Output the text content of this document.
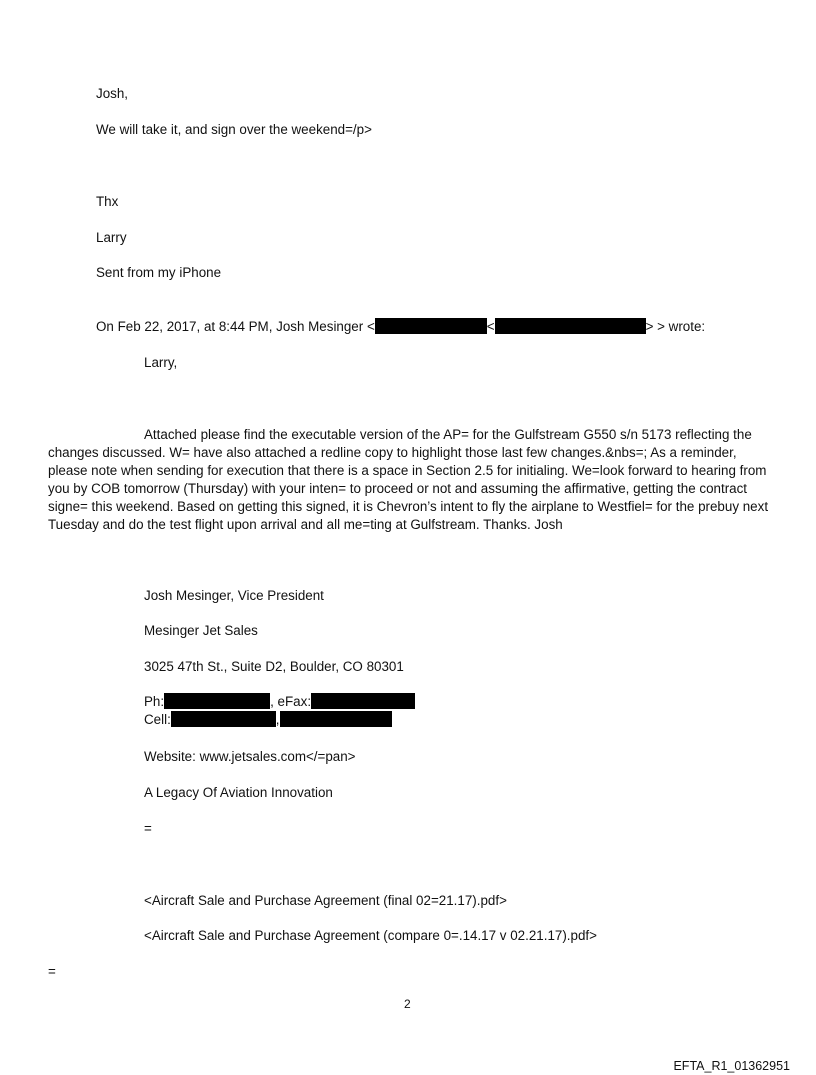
Josh,
We will take it, and sign over the weekend=/p>
Thx
Larry
Sent from my iPhone
On Feb 22, 2017, at 8:44 PM, Josh Mesinger <	<	> > wrote:
Larry,
Attached please find the executable version of the AP= for the Gulfstream G550 s/n 5173 reflecting the changes discussed. W= have also attached a redline copy to highlight those last few changes.&nbs=; As a reminder, please note when sending for execution that there is a space in Section 2.5 for initialing. We=look forward to hearing from you by COB tomorrow (Thursday) with your inten= to proceed or not and assuming the affirmative, getting the contract signe= this weekend. Based on getting this signed, it is Chevron’s intent to fly the airplane to Westfiel= for the prebuy next Tuesday and do the test flight upon arrival and all me=ting at Gulfstream. Thanks. Josh
Josh Mesinger, Vice President
Mesinger Jet Sales
3025 47th St., Suite D2, Boulder, CO 80301
Ph:	, eFax:
Cell:	,
Website: www.jetsales.com</=pan>
A Legacy Of Aviation Innovation
=
<Aircraft Sale and Purchase Agreement (final 02=21.17).pdf>
<Aircraft Sale and Purchase Agreement (compare 0=.14.17 v 02.21.17).pdf>
=
2
EFTA_R1_01362951
